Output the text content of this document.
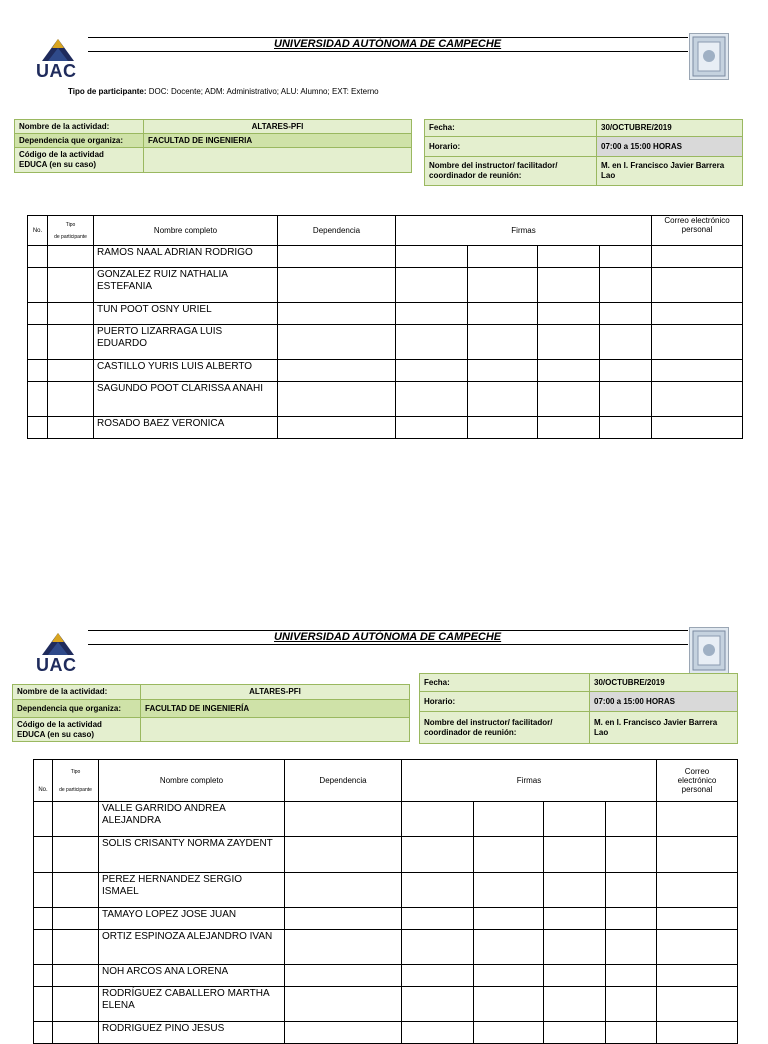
UAC
UNIVERSIDAD AUTÓNOMA DE CAMPECHE
Tipo de participante: DOC: Docente; ADM: Administrativo; ALU: Alumno; EXT: Externo
Nombre de la actividad:	ALTARES-PFI
Dependencia que organiza:	FACULTAD DE INGENIERIA
Código de la actividad
EDUCA (en su caso)	
Fecha:	30/OCTUBRE/2019
Horario:	07:00 a 15:00 HORAS
Nombre del instructor/ facilitador/
coordinador de reunión:	M. en I. Francisco Javier Barrera
Lao
No.	Tipo

de participante	Nombre completo	Dependencia	Firmas				Correo electrónico
personal
		RAMOS NAAL ADRIAN RODRIGO						
		GONZALEZ RUIZ NATHALIA ESTEFANIA						
		TUN POOT OSNY URIEL						
		PUERTO LIZARRAGA LUIS EDUARDO						
		CASTILLO YURIS LUIS ALBERTO						
		SAGUNDO POOT CLARISSA ANAHI						
		ROSADO BAEZ VERONICA						
UAC
UNIVERSIDAD AUTÓNOMA DE CAMPECHE
Nombre de la actividad:	ALTARES-PFI
Dependencia que organiza:	FACULTAD DE INGENIERÍA
Código de la actividad
EDUCA (en su caso)	
Fecha:	30/OCTUBRE/2019
Horario:	07:00 a 15:00 HORAS
Nombre del instructor/ facilitador/
coordinador de reunión:	M. en I. Francisco Javier Barrera
Lao
No.	Tipo

de participante	Nombre completo	Dependencia	Firmas				Correo
electrónico
personal
		VALLE GARRIDO ANDREA ALEJANDRA						
		SOLIS CRISANTY NORMA ZAYDENT						
		PEREZ HERNANDEZ SERGIO ISMAEL						
		TAMAYO LOPEZ JOSE JUAN						
		ORTIZ ESPINOZA ALEJANDRO IVAN						
		NOH ARCOS ANA LORENA						
		RODRÍGUEZ CABALLERO MARTHA ELENA						
		RODRIGUEZ PINO JESUS						
